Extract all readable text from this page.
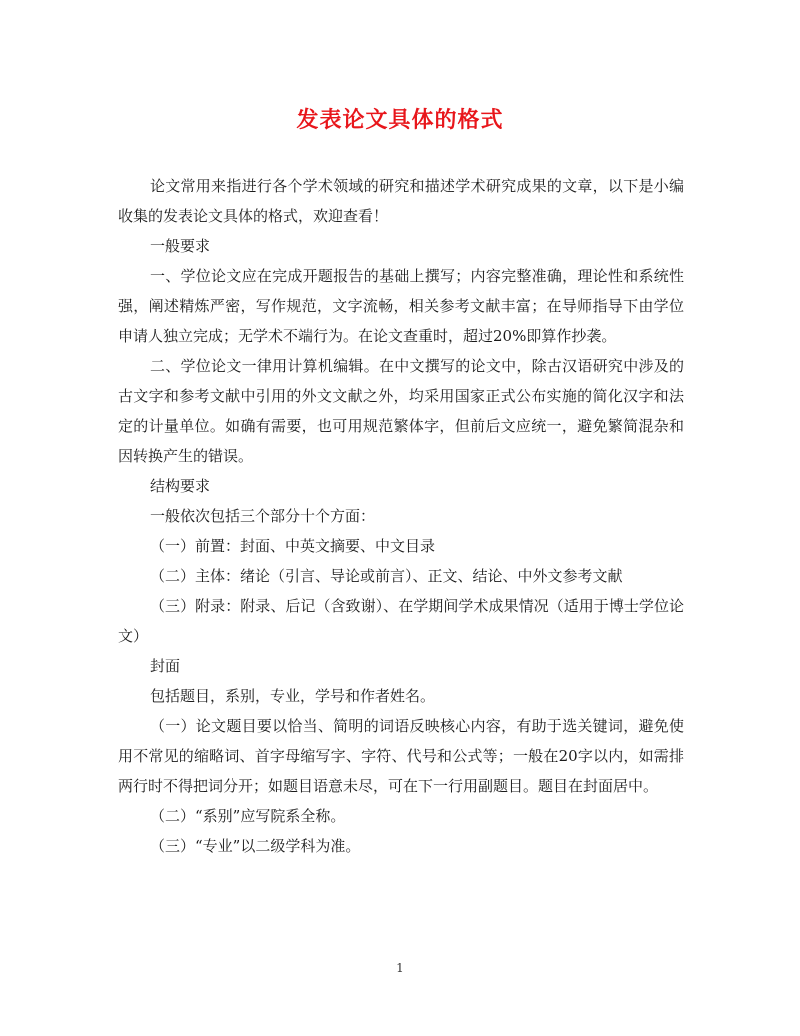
发表论文具体的格式

论文常用来指进行各个学术领域的研究和描述学术研究成果的文章，以下是小编收集的发表论文具体的格式，欢迎查看！

一般要求

一、学位论文应在完成开题报告的基础上撰写；内容完整准确，理论性和系统性强，阐述精炼严密，写作规范，文字流畅，相关参考文献丰富；在导师指导下由学位申请人独立完成；无学术不端行为。在论文查重时，超过20%即算作抄袭。

二、学位论文一律用计算机编辑。在中文撰写的论文中，除古汉语研究中涉及的古文字和参考文献中引用的外文文献之外，均采用国家正式公布实施的简化汉字和法定的计量单位。如确有需要，也可用规范繁体字，但前后文应统一，避免繁简混杂和因转换产生的错误。

结构要求

一般依次包括三个部分十个方面：

（一）前置：封面、中英文摘要、中文目录

（二）主体：绪论（引言、导论或前言）、正文、结论、中外文参考文献

（三）附录：附录、后记（含致谢）、在学期间学术成果情况（适用于博士学位论文）

封面

包括题目，系别，专业，学号和作者姓名。

（一）论文题目要以恰当、简明的词语反映核心内容，有助于选关键词，避免使用不常见的缩略词、首字母缩写字、字符、代号和公式等；一般在20字以内，如需排两行时不得把词分开；如题目语意未尽，可在下一行用副题目。题目在封面居中。

（二）“系别”应写院系全称。

（三）“专业”以二级学科为准。

1
